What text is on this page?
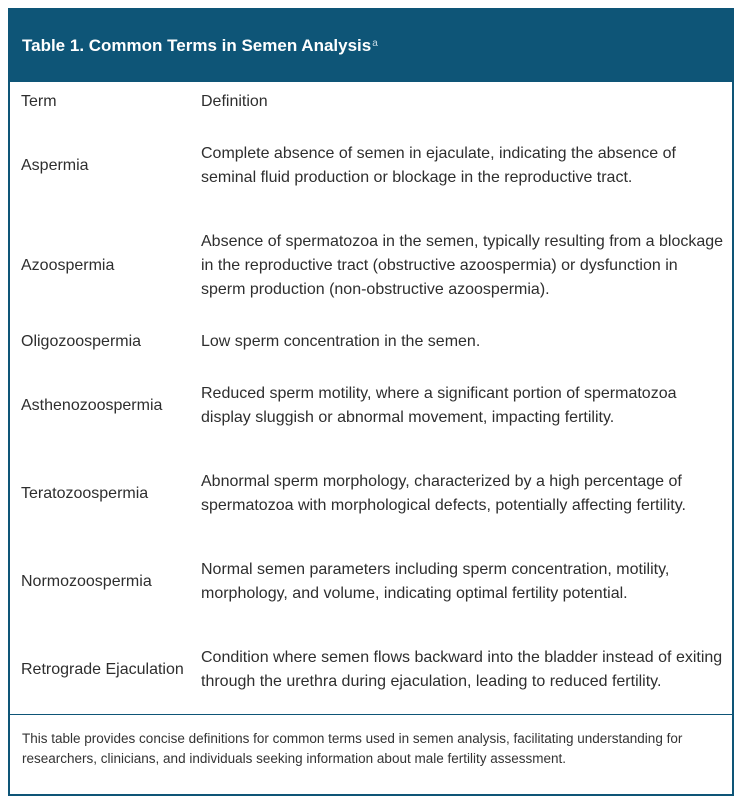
Table 1. Common Terms in Semen Analysis$^a$
Term	Definition
Aspermia
Complete absence of semen in ejaculate, indicating the absence of seminal fluid production or blockage in the reproductive tract.
Azoospermia
Absence of spermatozoa in the semen, typically resulting from a blockage in the reproductive tract (obstructive azoospermia) or dysfunction in sperm production (non-obstructive azoospermia).
Oligozoospermia	Low sperm concentration in the semen.
Asthenozoospermia
Reduced sperm motility, where a significant portion of spermatozoa display sluggish or abnormal movement, impacting fertility.
Teratozoospermia
Abnormal sperm morphology, characterized by a high percentage of spermatozoa with morphological defects, potentially affecting fertility.
Normozoospermia
Normal semen parameters including sperm concentration, motility, morphology, and volume, indicating optimal fertility potential.
Retrograde Ejaculation
Condition where semen flows backward into the bladder instead of exiting through the urethra during ejaculation, leading to reduced fertility.
This table provides concise definitions for common terms used in semen analysis, facilitating understanding for researchers, clinicians, and individuals seeking information about male fertility assessment.
